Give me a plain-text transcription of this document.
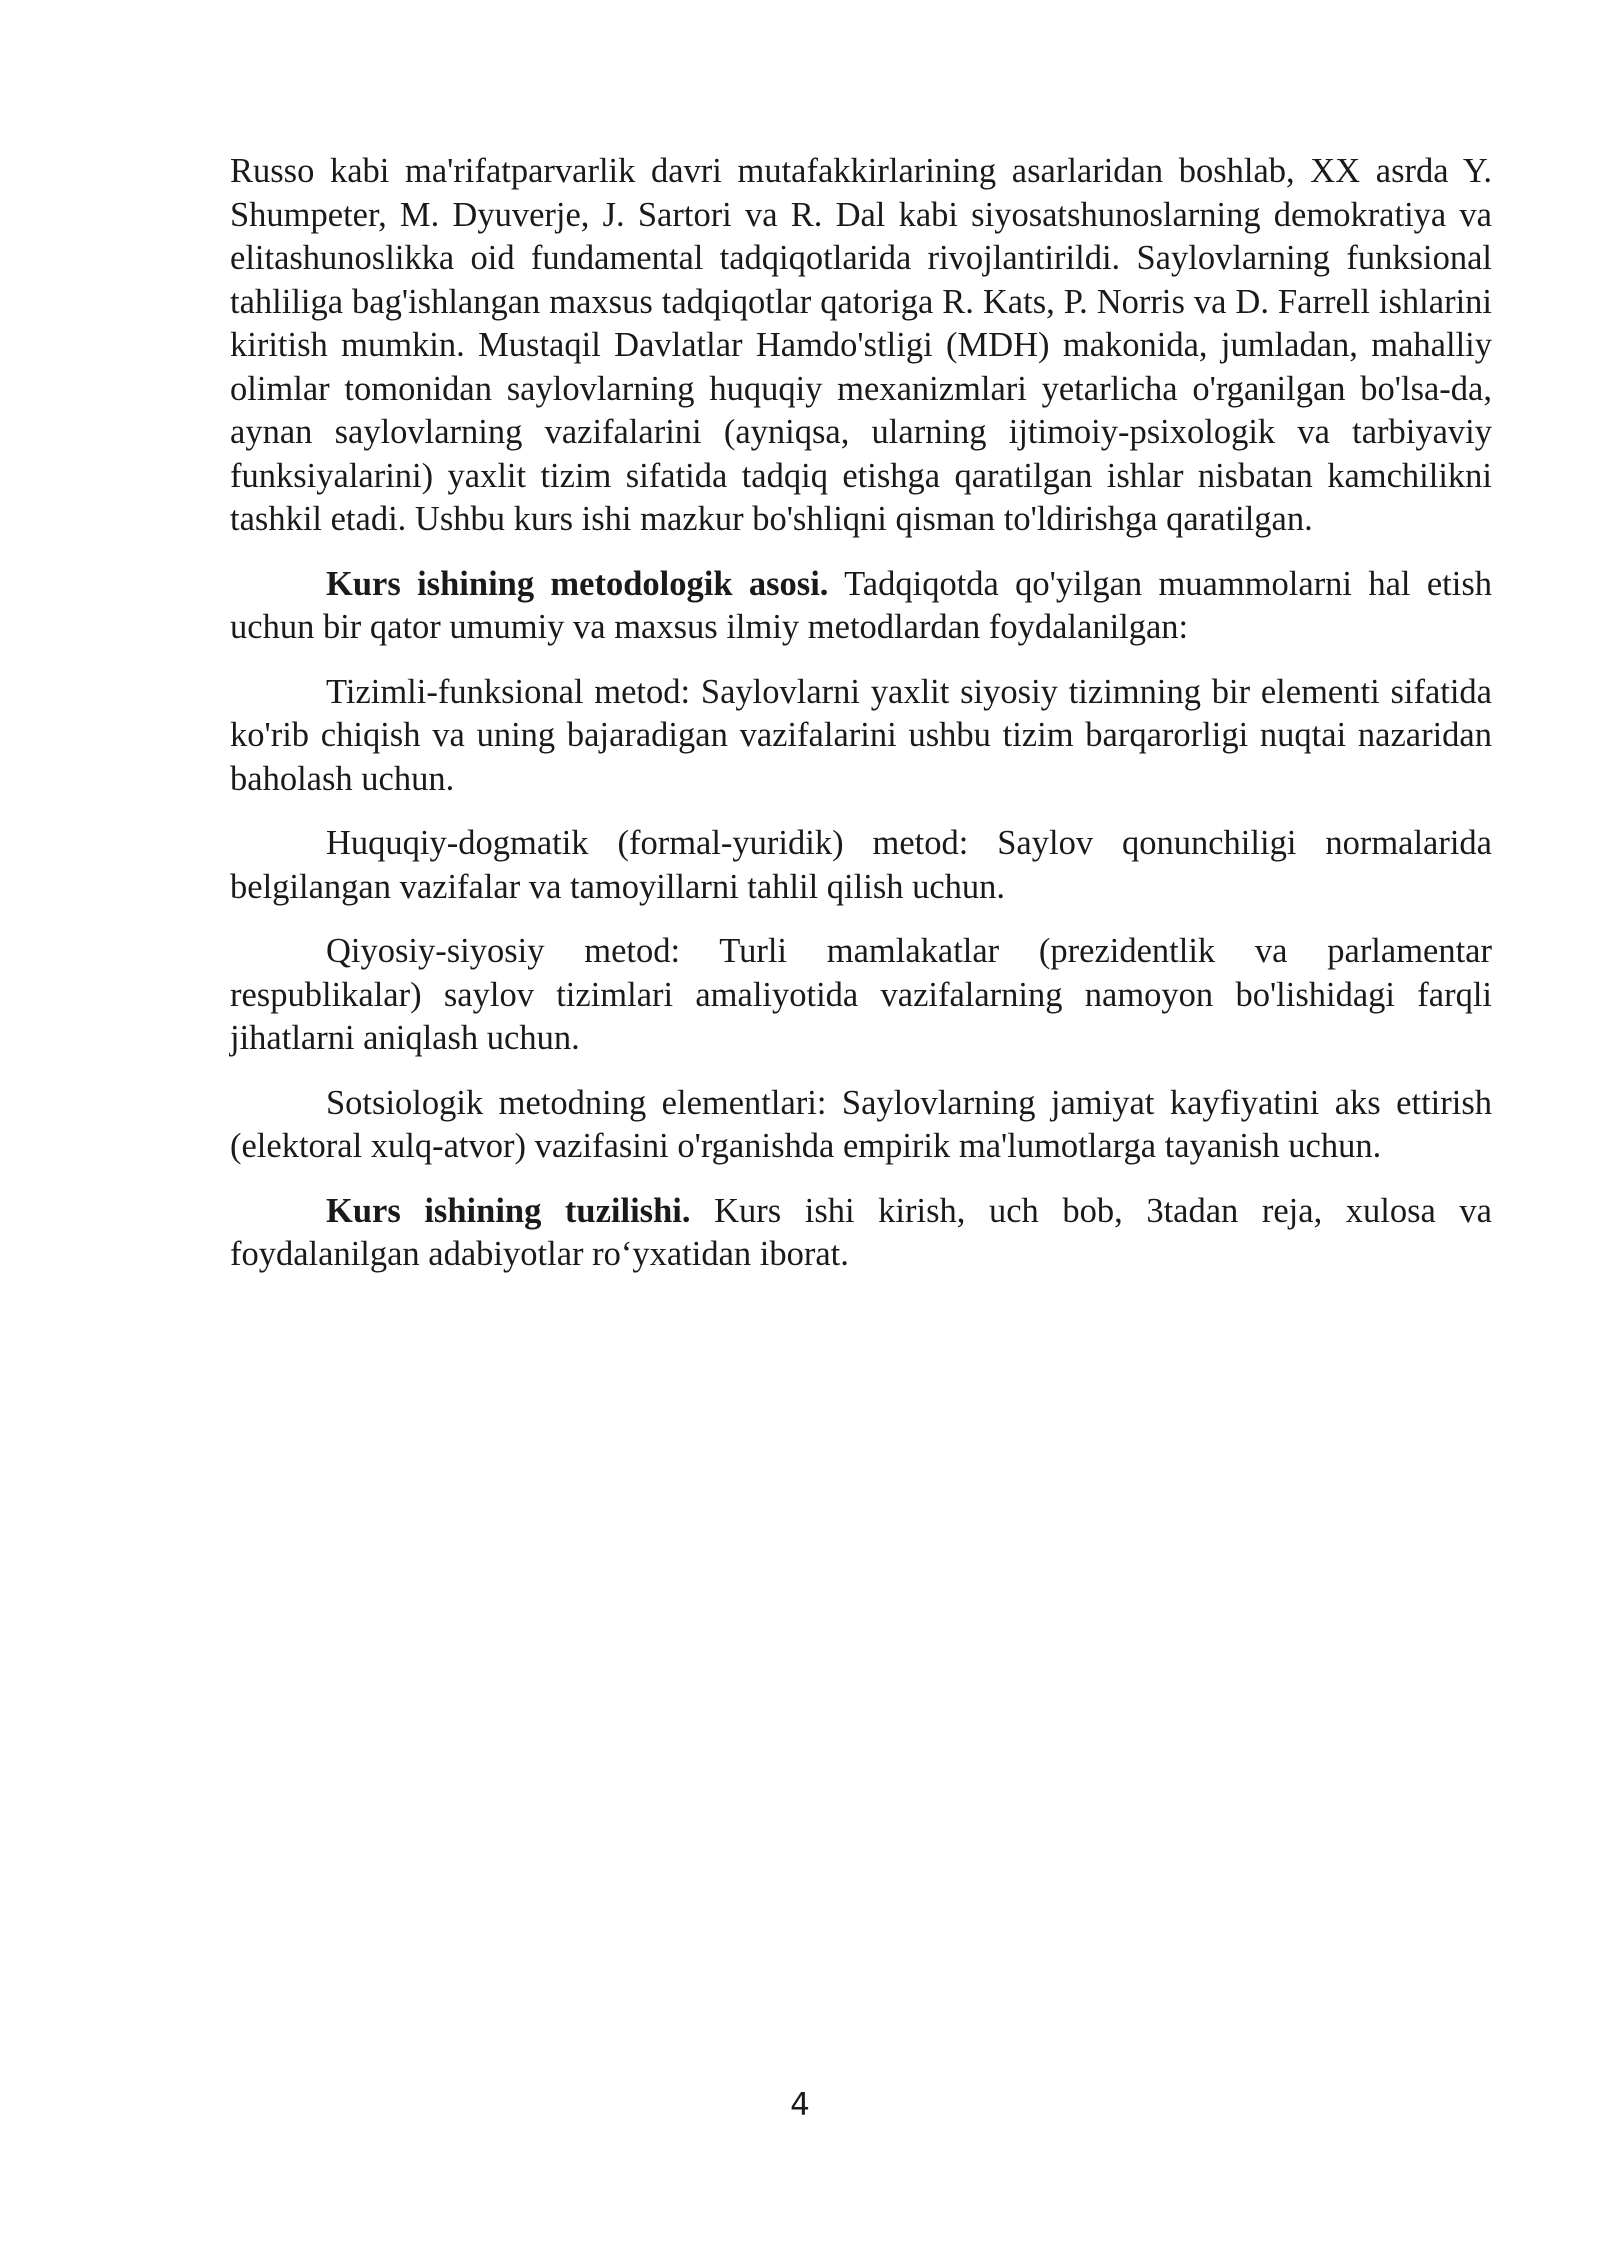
Russo kabi ma'rifatparvarlik davri mutafakkirlarining asarlaridan boshlab, XX asrda Y. Shumpeter, M. Dyuverje, J. Sartori va R. Dal kabi siyosatshunoslarning demokratiya va elitashunoslikka oid fundamental tadqiqotlarida rivojlantirildi. Saylovlarning funksional tahliliga bag'ishlangan maxsus tadqiqotlar qatoriga R. Kats, P. Norris va D. Farrell ishlarini kiritish mumkin. Mustaqil Davlatlar Hamdo'stligi (MDH) makonida, jumladan, mahalliy olimlar tomonidan saylovlarning huquqiy mexanizmlari yetarlicha o'rganilgan bo'lsa-da, aynan saylovlarning vazifalarini (ayniqsa, ularning ijtimoiy-psixologik va tarbiyaviy funksiyalarini) yaxlit tizim sifatida tadqiq etishga qaratilgan ishlar nisbatan kamchilikni tashkil etadi. Ushbu kurs ishi mazkur bo'shliqni qisman to'ldirishga qaratilgan.

Kurs ishining metodologik asosi. Tadqiqotda qo'yilgan muammolarni hal etish uchun bir qator umumiy va maxsus ilmiy metodlardan foydalanilgan:

Tizimli-funksional metod: Saylovlarni yaxlit siyosiy tizimning bir elementi sifatida ko'rib chiqish va uning bajaradigan vazifalarini ushbu tizim barqarorligi nuqtai nazaridan baholash uchun.

Huquqiy-dogmatik (formal-yuridik) metod: Saylov qonunchiligi normalarida belgilangan vazifalar va tamoyillarni tahlil qilish uchun.

Qiyosiy-siyosiy metod: Turli mamlakatlar (prezidentlik va parlamentar respublikalar) saylov tizimlari amaliyotida vazifalarning namoyon bo'lishidagi farqli jihatlarni aniqlash uchun.

Sotsiologik metodning elementlari: Saylovlarning jamiyat kayfiyatini aks ettirish (elektoral xulq-atvor) vazifasini o'rganishda empirik ma'lumotlarga tayanish uchun.

Kurs ishining tuzilishi. Kurs ishi kirish, uch bob, 3tadan reja, xulosa va foydalanilgan adabiyotlar ro‘yxatidan iborat.

4
